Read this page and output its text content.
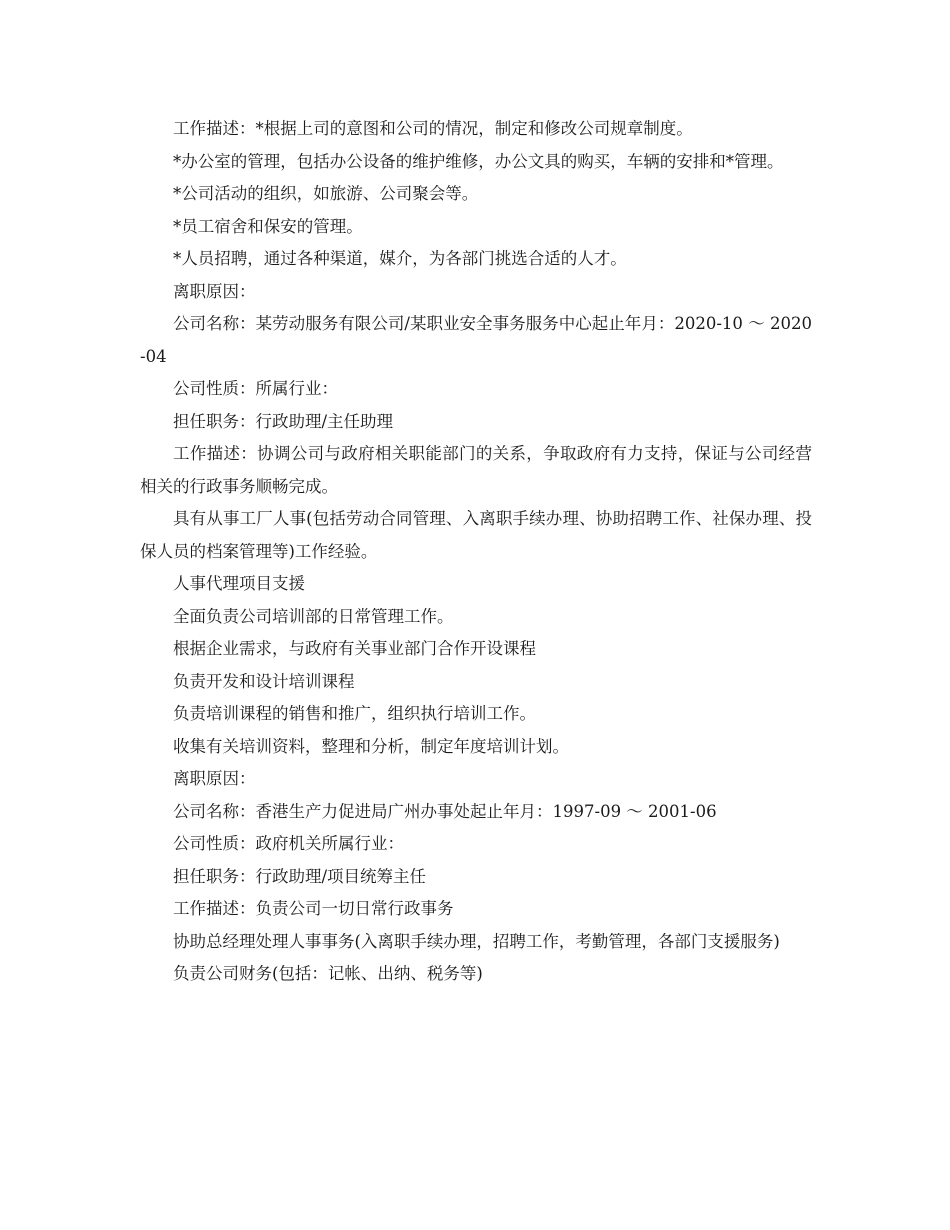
工作描述：*根据上司的意图和公司的情况，制定和修改公司规章制度。

*办公室的管理，包括办公设备的维护维修，办公文具的购买，车辆的安排和*管理。

*公司活动的组织，如旅游、公司聚会等。

*员工宿舍和保安的管理。

*人员招聘，通过各种渠道，媒介，为各部门挑选合适的人才。

离职原因：

公司名称：某劳动服务有限公司/某职业安全事务服务中心起止年月：2020-10 ～ 2020-04

公司性质：所属行业：

担任职务：行政助理/主任助理

工作描述：协调公司与政府相关职能部门的关系，争取政府有力支持，保证与公司经营相关的行政事务顺畅完成。

具有从事工厂人事(包括劳动合同管理、入离职手续办理、协助招聘工作、社保办理、投保人员的档案管理等)工作经验。

人事代理项目支援

全面负责公司培训部的日常管理工作。

根据企业需求，与政府有关事业部门合作开设课程

负责开发和设计培训课程

负责培训课程的销售和推广，组织执行培训工作。

收集有关培训资料，整理和分析，制定年度培训计划。

离职原因：

公司名称：香港生产力促进局广州办事处起止年月：1997-09 ～ 2001-06

公司性质：政府机关所属行业：

担任职务：行政助理/项目统筹主任

工作描述：负责公司一切日常行政事务

协助总经理处理人事事务(入离职手续办理，招聘工作，考勤管理，各部门支援服务)

负责公司财务(包括：记帐、出纳、税务等)
